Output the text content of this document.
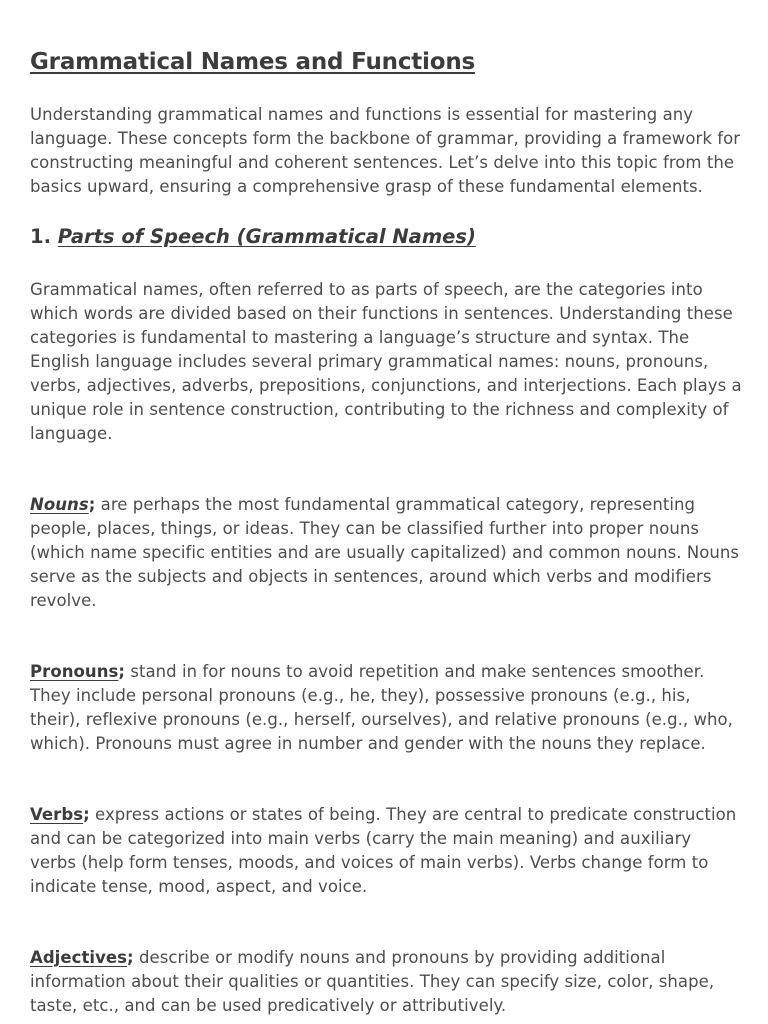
Grammatical Names and Functions

Understanding grammatical names and functions is essential for mastering any language. These concepts form the backbone of grammar, providing a framework for constructing meaningful and coherent sentences. Let’s delve into this topic from the basics upward, ensuring a comprehensive grasp of these fundamental elements.

1. Parts of Speech (Grammatical Names)

Grammatical names, often referred to as parts of speech, are the categories into which words are divided based on their functions in sentences. Understanding these categories is fundamental to mastering a language’s structure and syntax. The English language includes several primary grammatical names: nouns, pronouns, verbs, adjectives, adverbs, prepositions, conjunctions, and interjections. Each plays a unique role in sentence construction, contributing to the richness and complexity of language.

Nouns; are perhaps the most fundamental grammatical category, representing people, places, things, or ideas. They can be classified further into proper nouns (which name specific entities and are usually capitalized) and common nouns. Nouns serve as the subjects and objects in sentences, around which verbs and modifiers revolve.

Pronouns; stand in for nouns to avoid repetition and make sentences smoother. They include personal pronouns (e.g., he, they), possessive pronouns (e.g., his, their), reflexive pronouns (e.g., herself, ourselves), and relative pronouns (e.g., who, which). Pronouns must agree in number and gender with the nouns they replace.

Verbs; express actions or states of being. They are central to predicate construction and can be categorized into main verbs (carry the main meaning) and auxiliary verbs (help form tenses, moods, and voices of main verbs). Verbs change form to indicate tense, mood, aspect, and voice.

Adjectives; describe or modify nouns and pronouns by providing additional information about their qualities or quantities. They can specify size, color, shape, taste, etc., and can be used predicatively or attributively.
